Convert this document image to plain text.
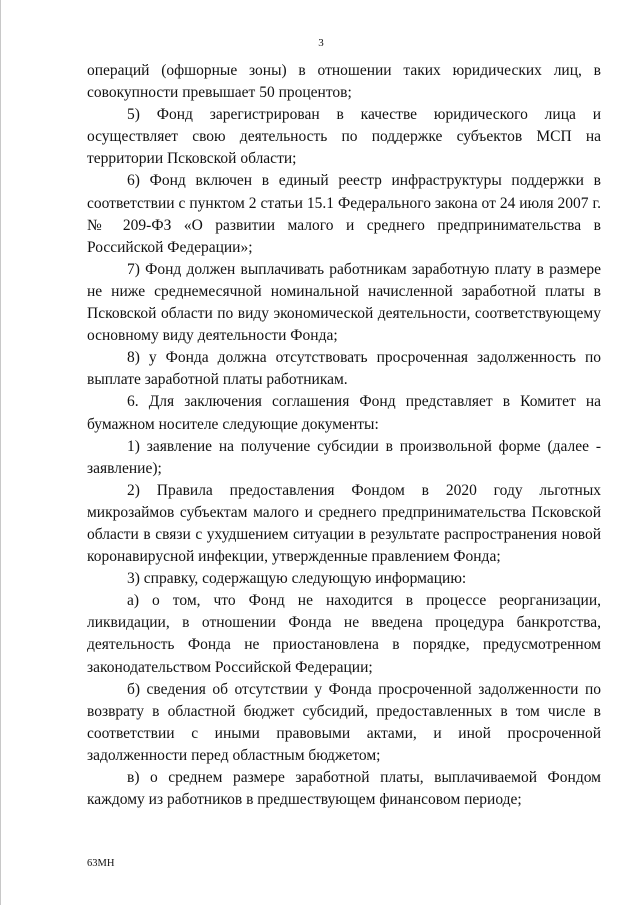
3

операций (офшорные зоны) в отношении таких юридических лиц, в совокупности превышает 50 процентов;

5) Фонд зарегистрирован в качестве юридического лица и осуществляет свою деятельность по поддержке субъектов МСП на территории Псковской области;

6) Фонд включен в единый реестр инфраструктуры поддержки в соответствии с пунктом 2 статьи 15.1 Федерального закона от 24 июля 2007 г. № 209-ФЗ «О развитии малого и среднего предпринимательства в Российской Федерации»;

7) Фонд должен выплачивать работникам заработную плату в размере не ниже среднемесячной номинальной начисленной заработной платы в Псковской области по виду экономической деятельности, соответствующему основному виду деятельности Фонда;

8) у Фонда должна отсутствовать просроченная задолженность по выплате заработной платы работникам.

6. Для заключения соглашения Фонд представляет в Комитет на бумажном носителе следующие документы:

1) заявление на получение субсидии в произвольной форме (далее - заявление);

2) Правила предоставления Фондом в 2020 году льготных микрозаймов субъектам малого и среднего предпринимательства Псковской области в связи с ухудшением ситуации в результате распространения новой коронавирусной инфекции, утвержденные правлением Фонда;

3) справку, содержащую следующую информацию:

а) о том, что Фонд не находится в процессе реорганизации, ликвидации, в отношении Фонда не введена процедура банкротства, деятельность Фонда не приостановлена в порядке, предусмотренном законодательством Российской Федерации;

б) сведения об отсутствии у Фонда просроченной задолженности по возврату в областной бюджет субсидий, предоставленных в том числе в соответствии с иными правовыми актами, и иной просроченной задолженности перед областным бюджетом;

в) о среднем размере заработной платы, выплачиваемой Фондом каждому из работников в предшествующем финансовом периоде;

63МН
